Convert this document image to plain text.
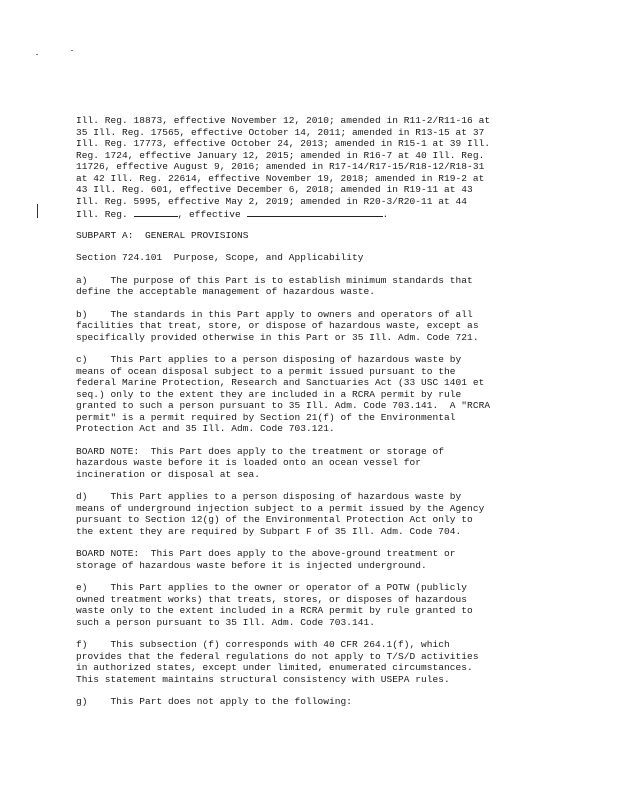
Ill. Reg. 18873, effective November 12, 2010; amended in R11-2/R11-16 at
35 Ill. Reg. 17565, effective October 14, 2011; amended in R13-15 at 37
Ill. Reg. 17773, effective October 24, 2013; amended in R15-1 at 39 Ill.
Reg. 1724, effective January 12, 2015; amended in R16-7 at 40 Ill. Reg.
11726, effective August 9, 2016; amended in R17-14/R17-15/R18-12/R18-31
at 42 Ill. Reg. 22614, effective November 19, 2018; amended in R19-2 at
43 Ill. Reg. 601, effective December 6, 2018; amended in R19-11 at 43
Ill. Reg. 5995, effective May 2, 2019; amended in R20-3/R20-11 at 44
Ill. Reg.	, effective	.
SUBPART A:  GENERAL PROVISIONS
Section 724.101  Purpose, Scope, and Applicability
a)    The purpose of this Part is to establish minimum standards that
define the acceptable management of hazardous waste.
b)    The standards in this Part apply to owners and operators of all
facilities that treat, store, or dispose of hazardous waste, except as
specifically provided otherwise in this Part or 35 Ill. Adm. Code 721.
c)    This Part applies to a person disposing of hazardous waste by
means of ocean disposal subject to a permit issued pursuant to the
federal Marine Protection, Research and Sanctuaries Act (33 USC 1401 et
seq.) only to the extent they are included in a RCRA permit by rule
granted to such a person pursuant to 35 Ill. Adm. Code 703.141.  A "RCRA
permit" is a permit required by Section 21(f) of the Environmental
Protection Act and 35 Ill. Adm. Code 703.121.
BOARD NOTE:  This Part does apply to the treatment or storage of
hazardous waste before it is loaded onto an ocean vessel for
incineration or disposal at sea.
d)    This Part applies to a person disposing of hazardous waste by
means of underground injection subject to a permit issued by the Agency
pursuant to Section 12(g) of the Environmental Protection Act only to
the extent they are required by Subpart F of 35 Ill. Adm. Code 704.
BOARD NOTE:  This Part does apply to the above-ground treatment or
storage of hazardous waste before it is injected underground.
e)    This Part applies to the owner or operator of a POTW (publicly
owned treatment works) that treats, stores, or disposes of hazardous
waste only to the extent included in a RCRA permit by rule granted to
such a person pursuant to 35 Ill. Adm. Code 703.141.
f)    This subsection (f) corresponds with 40 CFR 264.1(f), which
provides that the federal regulations do not apply to T/S/D activities
in authorized states, except under limited, enumerated circumstances.
This statement maintains structural consistency with USEPA rules.
g)    This Part does not apply to the following:
